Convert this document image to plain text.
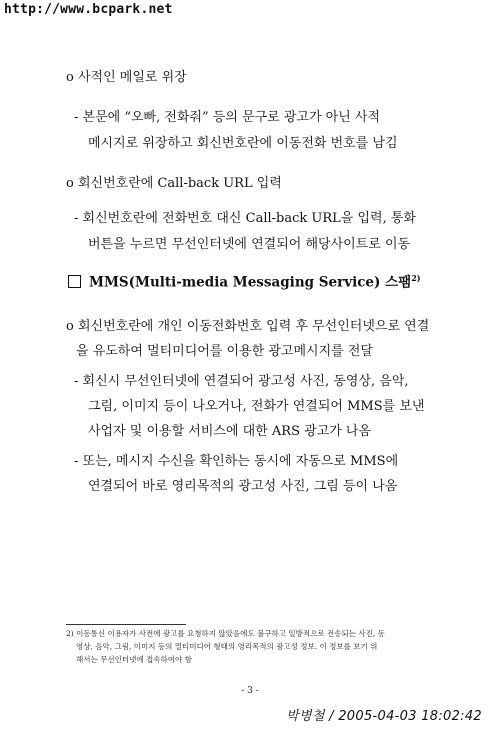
http://www.bcpark.net
o 사적인 메일로 위장
- 본문에 “오빠, 전화줘” 등의 문구로 광고가 아닌 사적
메시지로 위장하고 회신번호란에 이동전화 번호를 남김
o 회신번호란에 Call-back URL 입력
- 회신번호란에 전화번호 대신 Call-back URL을 입력, 통화
버튼을 누르면 무선인터넷에 연결되어 해당사이트로 이동
MMS(Multi-media Messaging Service) 스팸$^{2)}$
o 회신번호란에 개인 이동전화번호 입력 후 무선인터넷으로 연결
을 유도하여 멀티미디어를 이용한 광고메시지를 전달
- 회신시 무선인터넷에 연결되어 광고성 사진, 동영상, 음악,
그림, 이미지 등이 나오거나, 전화가 연결되어 MMS를 보낸
사업자 및 이용할 서비스에 대한 ARS 광고가 나옴
- 또는, 메시지 수신을 확인하는 동시에 자동으로 MMS에
연결되어 바로 영리목적의 광고성 사진, 그림 등이 나옴
2) 이동통신 이용자가 사전에 광고를 요청하지 않았음에도 불구하고 일방적으로 전송되는 사진, 동
영상, 음악, 그림, 이미지 등의 멀티미디어 형태의 영리목적의 광고성 정보. 이 정보를 보기 위
해서는 무선인터넷에 접속하여야 함
- 3 -
박병철 / 2005-04-03 18:02:42
